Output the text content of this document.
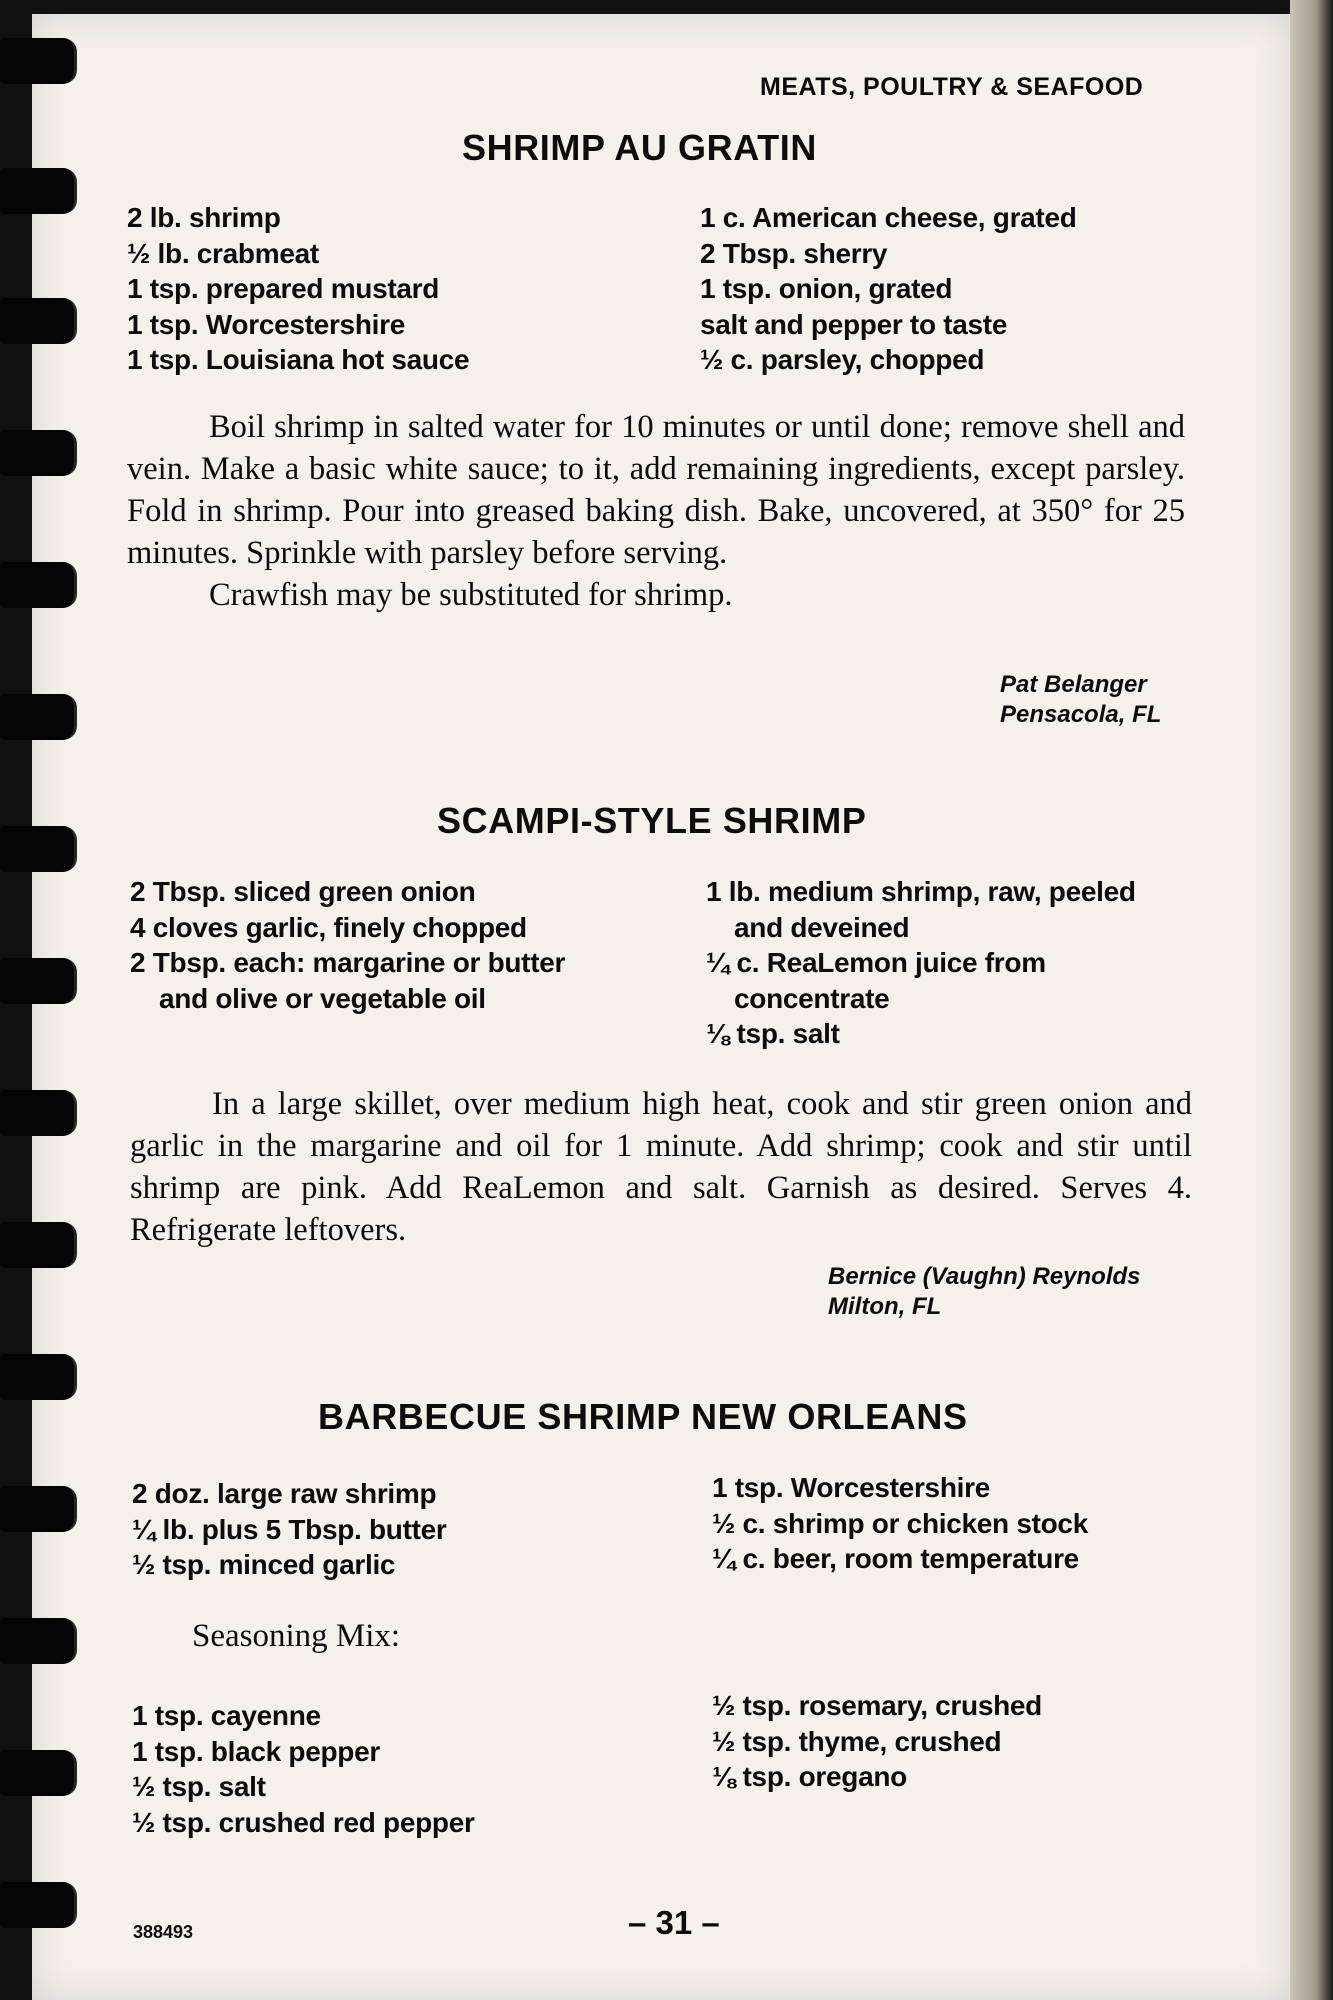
MEATS, POULTRY & SEAFOOD
SHRIMP AU GRATIN
2 lb. shrimp
½ lb. crabmeat
1 tsp. prepared mustard
1 tsp. Worcestershire
1 tsp. Louisiana hot sauce
1 c. American cheese, grated
2 Tbsp. sherry
1 tsp. onion, grated
salt and pepper to taste
½ c. parsley, chopped

Boil shrimp in salted water for 10 minutes or until done; remove shell and vein. Make a basic white sauce; to it, add remaining ingredients, except parsley. Fold in shrimp. Pour into greased baking dish. Bake, uncovered, at 350° for 25 minutes. Sprinkle with parsley before serving.

Crawfish may be substituted for shrimp.

Pat Belanger
Pensacola, FL
SCAMPI-STYLE SHRIMP
2 Tbsp. sliced green onion
4 cloves garlic, finely chopped
2 Tbsp. each: margarine or butter
and olive or vegetable oil
1 lb. medium shrimp, raw, peeled
and deveined
¼ c. ReaLemon juice from
concentrate
⅛ tsp. salt

In a large skillet, over medium high heat, cook and stir green onion and garlic in the margarine and oil for 1 minute. Add shrimp; cook and stir until shrimp are pink. Add ReaLemon and salt. Garnish as desired. Serves 4. Refrigerate leftovers.

Bernice (Vaughn) Reynolds
Milton, FL
BARBECUE SHRIMP NEW ORLEANS
2 doz. large raw shrimp
¼ lb. plus 5 Tbsp. butter
½ tsp. minced garlic
1 tsp. Worcestershire
½ c. shrimp or chicken stock
¼ c. beer, room temperature
Seasoning Mix:
1 tsp. cayenne
1 tsp. black pepper
½ tsp. salt
½ tsp. crushed red pepper
½ tsp. rosemary, crushed
½ tsp. thyme, crushed
⅛ tsp. oregano
388493	– 31 –
